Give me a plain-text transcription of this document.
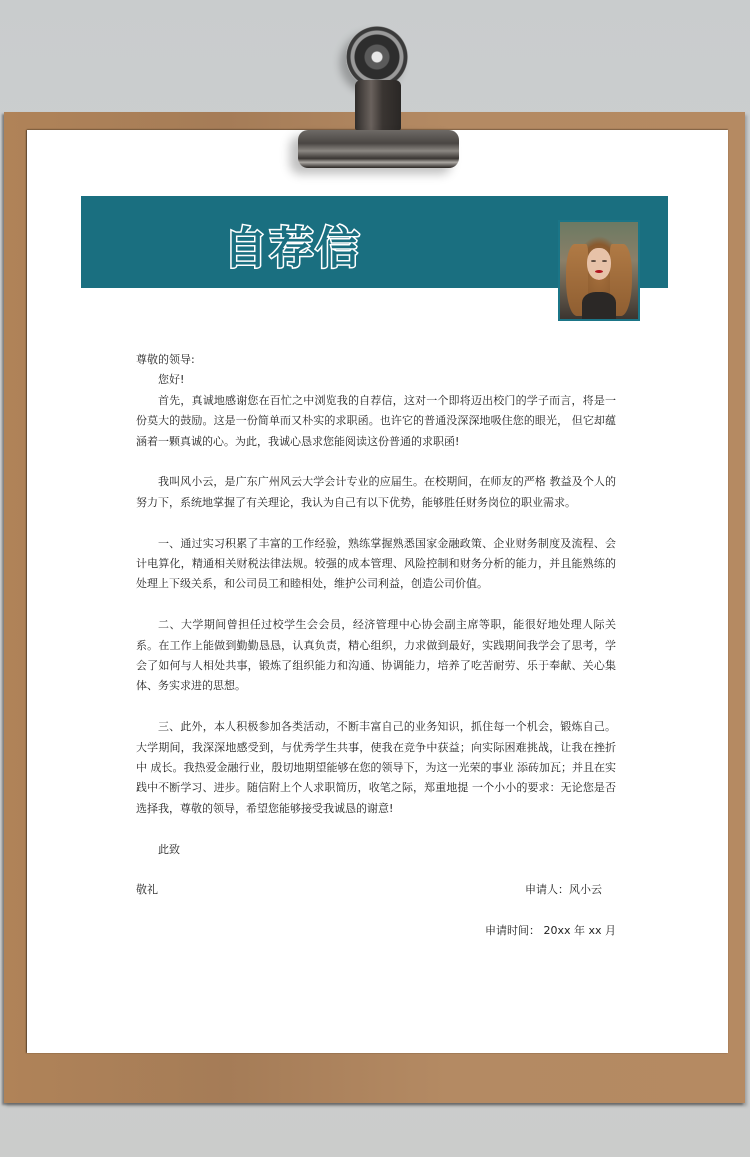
自荐信

尊敬的领导:

您好!

首先，真诚地感谢您在百忙之中浏览我的自荐信，这对一个即将迈出校门的学子而言，将是一份莫大的鼓励。这是一份简单而又朴实的求职函。也许它的普通没深深地吸住您的眼光， 但它却蕴涵着一颗真诚的心。为此，我诚心恳求您能阅读这份普通的求职函!

我叫风小云，是广东广州风云大学会计专业的应届生。在校期间，在师友的严格 教益及个人的努力下，系统地掌握了有关理论，我认为自己有以下优势，能够胜任财务岗位的职业需求。

一、通过实习积累了丰富的工作经验，熟练掌握熟悉国家金融政策、企业财务制度及流程、会计电算化，精通相关财税法律法规。较强的成本管理、风险控制和财务分析的能力，并且能熟练的处理上下级关系，和公司员工和睦相处，维护公司利益，创造公司价值。

二、大学期间曾担任过校学生会会员，经济管理中心协会副主席等职，能很好地处理人际关系。在工作上能做到勤勤恳恳，认真负责，精心组织，力求做到最好，实践期间我学会了思考，学会了如何与人相处共事，锻炼了组织能力和沟通、协调能力，培养了吃苦耐劳、乐于奉献、关心集体、务实求进的思想。

三、此外，本人积极参加各类活动，不断丰富自己的业务知识，抓住每一个机会，锻炼自己。大学期间，我深深地感受到，与优秀学生共事，使我在竞争中获益；向实际困难挑战，让我在挫折中 成长。我热爱金融行业，殷切地期望能够在您的领导下，为这一光荣的事业 添砖加瓦；并且在实践中不断学习、进步。随信附上个人求职简历，收笔之际，郑重地提 一个小小的要求：无论您是否选择我，尊敬的领导，希望您能够接受我诚恳的谢意!

此致

敬礼	申请人：风小云
申请时间： 20xx 年 xx 月
